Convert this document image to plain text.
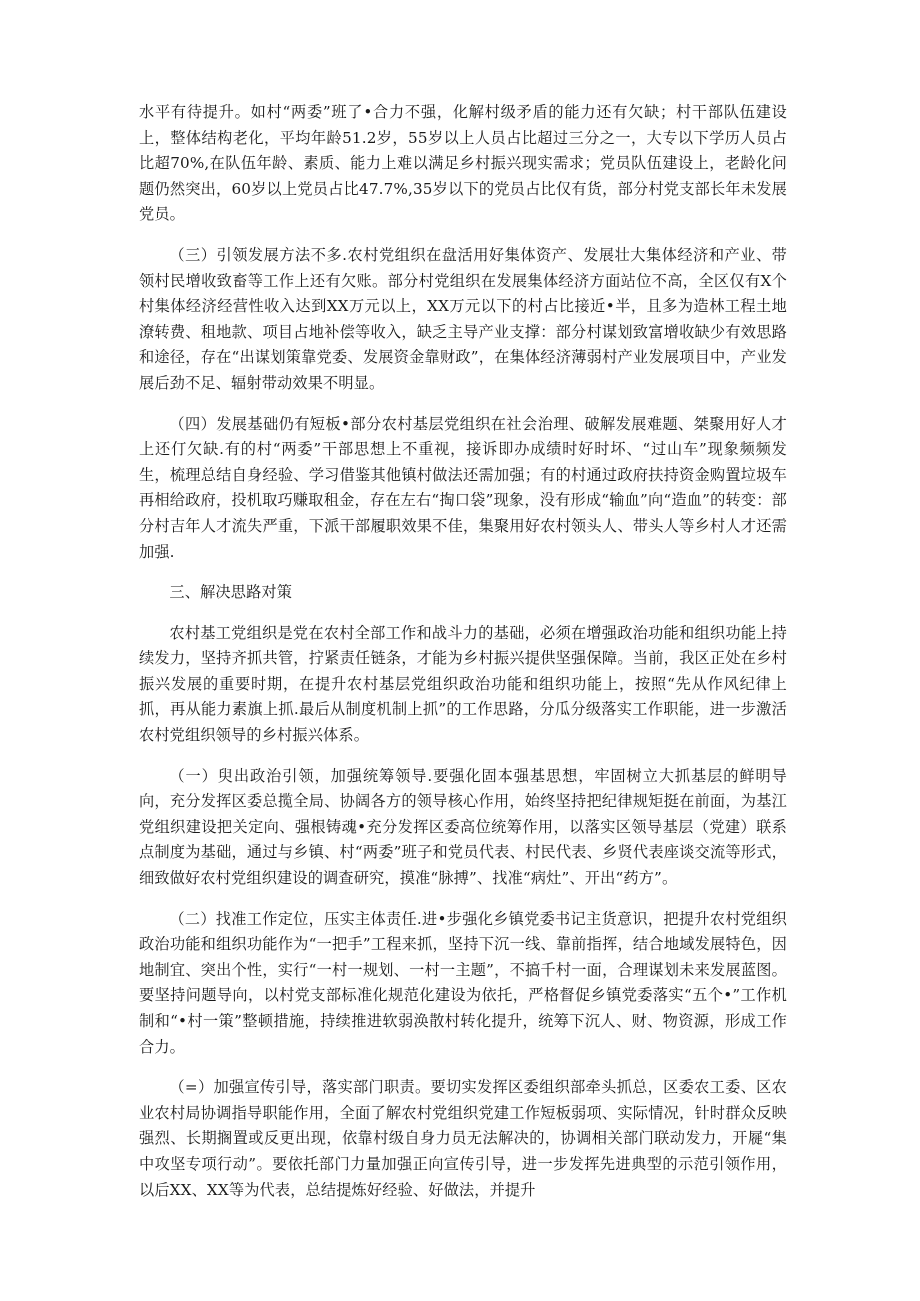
水平有待提升。如村“两委”班了•合力不强，化解村级矛盾的能力还有欠缺；村干部队伍建设上，整体结构老化，平均年龄51.2岁，55岁以上人员占比超过三分之一，大专以下学历人员占比超70%,在队伍年龄、素质、能力上难以满足乡村振兴现实需求；党员队伍建设上，老龄化问题仍然突出，60岁以上党员占比47.7%,35岁以下的党员占比仅有货，部分村党支部长年未发展党员。

（三）引领发展方法不多.农村党组织在盘活用好集体资产、发展壮大集体经济和产业、带领村民增收致畜等工作上还有欠账。部分村党组织在发展集体经济方面站位不高，全区仅有X个村集体经济经营性收入达到XX万元以上，XX万元以下的村占比接近•半，且多为造林工程土地潦转费、租地款、项目占地补偿等收入，缺乏主导产业支撑：部分村谋划致富增收缺少有效思路和途径，存在“出谋划策靠党委、发展资金靠财政”，在集体经济薄弱村产业发展项目中，产业发展后劲不足、辐射带动效果不明显。

（四）发展基础仍有短板•部分农村基层党组织在社会治理、破解发展难题、桀聚用好人才上还仃欠缺.有的村“两委”干部思想上不重视，接诉即办成绩时好时坏、“过山车”现象频频发生，梳理总结自身经验、学习借鉴其他镇村做法还需加强；有的村通过政府扶持资金购置垃圾车再相给政府，投机取巧赚取租金，存在左右“掏口袋”现象，没有形成“输血”向“造血”的转变：部分村吉年人才流失严重，下派干部履职效果不佳，集聚用好农村领头人、带头人等乡村人才还需加强.

三、解决思路对策

农村基工党组织是党在农村全部工作和战斗力的基础，必须在增强政治功能和组织功能上持续发力，坚持齐抓共管，拧紧责任链条，才能为乡村振兴提供坚强保障。当前，我区正处在乡村振兴发展的重要时期，在提升农村基层党组织政治功能和组织功能上，按照“先从作风纪律上抓，再从能力素旗上抓.最后从制度机制上抓”的工作思路，分瓜分级落实工作职能，进一步激活农村党组织领导的乡村振兴体系。

（一）臾出政治引领，加强统筹领导.要强化固本强基思想，牢固树立大抓基层的鲜明导向，充分发挥区委总揽全局、协阔各方的领导核心作用，始终坚持把纪律规矩挺在前面，为基江党组织建设把关定向、强根铸魂•充分发挥区委高位统筹作用，以落实区领导基层（党建）联系点制度为基础，通过与乡镇、村“两委”班子和党员代表、村民代表、乡贤代表座谈交流等形式，细致做好农村党组织建设的调查研究，摸准“脉搏”、找准“病灶”、开出“药方”。

（二）找准工作定位，压实主体责任.进•步强化乡镇党委书记主货意识，把提升农村党组织政治功能和组织功能作为“一把手”工程来抓，坚持下沉一线、靠前指挥，结合地域发展特色，因地制宜、突出个性，实行“一村一规划、一村一主题”，不搞千村一面，合理谋划未来发展蓝图。要坚持问题导向，以村党支部标准化规范化建设为依托，严格督促乡镇党委落实“五个•”工作机制和“•村一策”整顿措施，持续推进软弱涣散村转化提升，统筹下沉人、财、物资源，形成工作合力。

（=）加强宣传引导，落实部门职责。要切实发挥区委组织部牵头抓总，区委农工委、区农业农村局协调指导职能作用，全面了解农村党组织党建工作短板弱项、实际情况，针时群众反映强烈、长期搁置或反更出现，依靠村级自身力员无法解决的，协调相关部门联动发力，开屣“集中攻坚专项行动”。要依托部门力量加强正向宣传引导，进一步发挥先进典型的示范引领作用，以后XX、XX等为代表，总结提炼好经验、好做法，并提升
